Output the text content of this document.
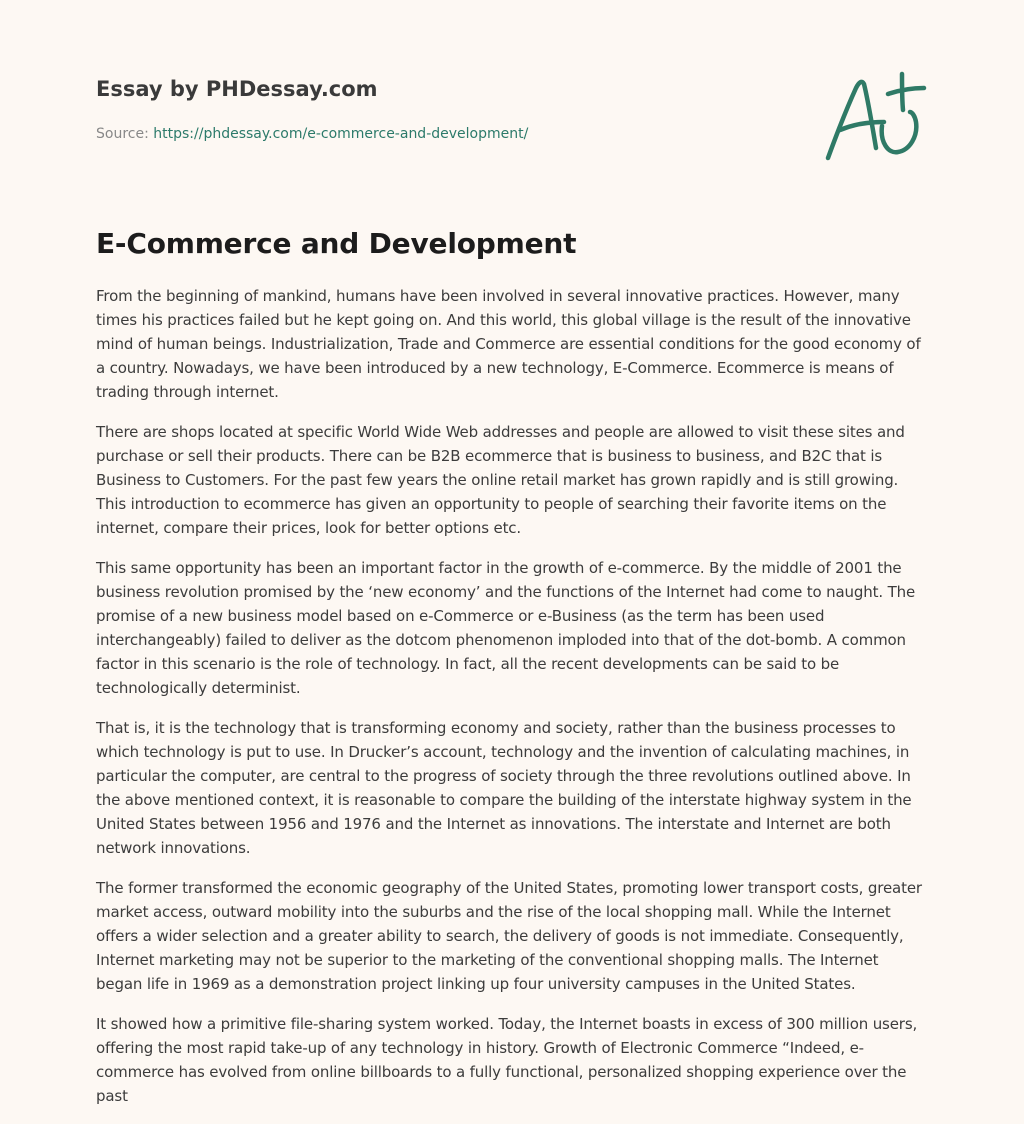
Essay by PHDessay.com
Source: https://phdessay.com/e-commerce-and-development/
E-Commerce and Development

From the beginning of mankind, humans have been involved in several innovative practices. However, many times his practices failed but he kept going on. And this world, this global village is the result of the innovative mind of human beings. Industrialization, Trade and Commerce are essential conditions for the good economy of a country. Nowadays, we have been introduced by a new technology, E-Commerce. Ecommerce is means of trading through internet.

There are shops located at specific World Wide Web addresses and people are allowed to visit these sites and purchase or sell their products. There can be B2B ecommerce that is business to business, and B2C that is Business to Customers. For the past few years the online retail market has grown rapidly and is still growing. This introduction to ecommerce has given an opportunity to people of searching their favorite items on the internet, compare their prices, look for better options etc.

This same opportunity has been an important factor in the growth of e-commerce. By the middle of 2001 the business revolution promised by the ‘new economy’ and the functions of the Internet had come to naught. The promise of a new business model based on e-Commerce or e-Business (as the term has been used interchangeably) failed to deliver as the dotcom phenomenon imploded into that of the dot-bomb. A common factor in this scenario is the role of technology. In fact, all the recent developments can be said to be technologically determinist.

That is, it is the technology that is transforming economy and society, rather than the business processes to which technology is put to use. In Drucker’s account, technology and the invention of calculating machines, in particular the computer, are central to the progress of society through the three revolutions outlined above. In the above mentioned context, it is reasonable to compare the building of the interstate highway system in the United States between 1956 and 1976 and the Internet as innovations. The interstate and Internet are both network innovations.

The former transformed the economic geography of the United States, promoting lower transport costs, greater market access, outward mobility into the suburbs and the rise of the local shopping mall. While the Internet offers a wider selection and a greater ability to search, the delivery of goods is not immediate. Consequently, Internet marketing may not be superior to the marketing of the conventional shopping malls. The Internet began life in 1969 as a demonstration project linking up four university campuses in the United States.

It showed how a primitive file-sharing system worked. Today, the Internet boasts in excess of 300 million users, offering the most rapid take-up of any technology in history. Growth of Electronic Commerce “Indeed, e-commerce has evolved from online billboards to a fully functional, personalized shopping experience over the past
